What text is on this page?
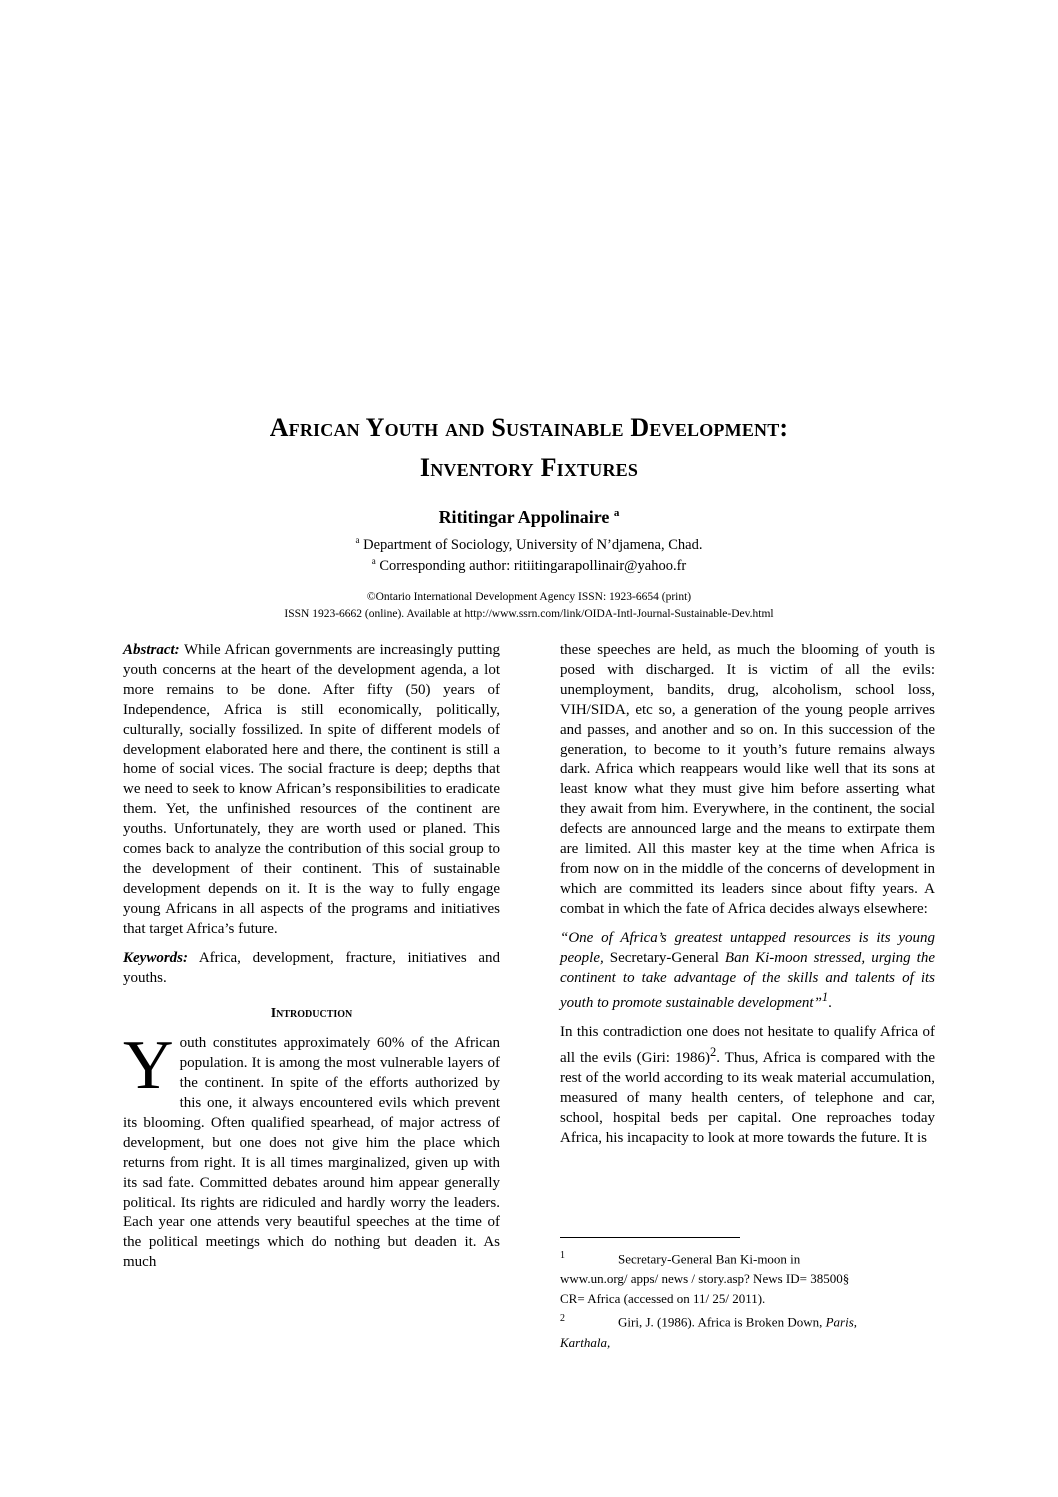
African Youth and Sustainable Development:
Inventory Fixtures
Rititingar Appolinaire $^a$
$^a$ Department of Sociology, University of N’djamena, Chad.
$^a$ Corresponding author: ritiitingarapollinair@yahoo.fr
©Ontario International Development Agency ISSN: 1923-6654 (print)
ISSN 1923-6662 (online). Available at http://www.ssrn.com/link/OIDA-Intl-Journal-Sustainable-Dev.html

Abstract: While African governments are increasingly putting youth concerns at the heart of the development agenda, a lot more remains to be done. After fifty (50) years of Independence, Africa is still economically, politically, culturally, socially fossilized. In spite of different models of development elaborated here and there, the continent is still a home of social vices. The social fracture is deep; depths that we need to seek to know African’s responsibilities to eradicate them. Yet, the unfinished resources of the continent are youths. Unfortunately, they are worth used or planed. This comes back to analyze the contribution of this social group to the development of their continent. This of sustainable development depends on it. It is the way to fully engage young Africans in all aspects of the programs and initiatives that target Africa’s future.

Keywords: Africa, development, fracture, initiatives and youths.

Introduction

Y outh constitutes approximately 60% of the African population. It is among the most vulnerable layers of the continent. In spite of the efforts authorized by this one, it always encountered evils which prevent its blooming. Often qualified spearhead, of major actress of development, but one does not give him the place which returns from right. It is all times marginalized, given up with its sad fate. Committed debates around him appear generally political. Its rights are ridiculed and hardly worry the leaders. Each year one attends very beautiful speeches at the time of the political meetings which do nothing but deaden it. As much

these speeches are held, as much the blooming of youth is posed with discharged. It is victim of all the evils: unemployment, bandits, drug, alcoholism, school loss, VIH/SIDA, etc so, a generation of the young people arrives and passes, and another and so on. In this succession of the generation, to become to it youth’s future remains always dark. Africa which reappears would like well that its sons at least know what they must give him before asserting what they await from him. Everywhere, in the continent, the social defects are announced large and the means to extirpate them are limited. All this master key at the time when Africa is from now on in the middle of the concerns of development in which are committed its leaders since about fifty years. A combat in which the fate of Africa decides always elsewhere:

“One of Africa’s greatest untapped resources is its young people, Secretary-General Ban Ki-moon stressed, urging the continent to take advantage of the skills and talents of its youth to promote sustainable development”$^1$.

In this contradiction one does not hesitate to qualify Africa of all the evils (Giri: 1986)$^2$. Thus, Africa is compared with the rest of the world according to its weak material accumulation, measured of many health centers, of telephone and car, school, hospital beds per capital. One reproaches today Africa, his incapacity to look at more towards the future. It is

1	Secretary-General Ban Ki-moon in
www.un.org/ apps/ news / story.asp? News ID= 38500§
CR= Africa (accessed on 11/ 25/ 2011).
2	Giri, J. (1986). Africa is Broken Down, Paris,
Karthala,
